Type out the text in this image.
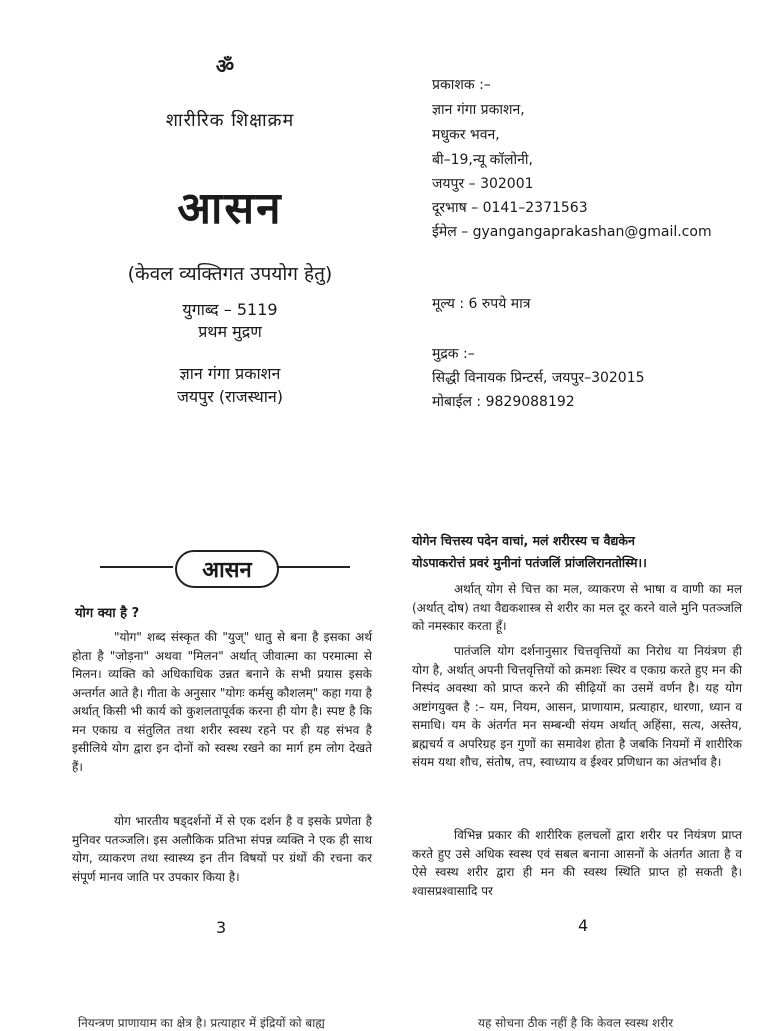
ॐ
शारीरिक शिक्षाक्रम
आसन
(केवल व्यक्तिगत उपयोग हेतु)
युगाब्द – 5119
प्रथम मुद्रण
ज्ञान गंगा प्रकाशन
जयपुर (राजस्थान)
प्रकाशक :–
ज्ञान गंगा प्रकाशन,
मधुकर भवन,
बी–19,न्यू कॉलोनी,
जयपुर – 302001
दूरभाष – 0141–2371563
ईमेल – gyangangaprakashan@gmail.com
मूल्य : 6 रुपये मात्र
मुद्रक :–
सिद्धी विनायक प्रिन्टर्स, जयपुर–302015
मोबाईल : 9829088192
आसन
योग क्या है ?
"योग" शब्द संस्कृत की "युज्" धातु से बना है इसका अर्थ होता है "जोड़ना" अथवा "मिलन" अर्थात् जीवात्मा का परमात्मा से मिलन। व्यक्ति को अधिकाधिक उन्नत बनाने के सभी प्रयास इसके अन्तर्गत आते है। गीता के अनुसार "योगः कर्मसु कौशलम्" कहा गया है अर्थात् किसी भी कार्य को कुशलतापूर्वक करना ही योग है। स्पष्ट है कि मन एकाग्र व संतुलित तथा शरीर स्वस्थ रहने पर ही यह संभव है इसीलिये योग द्वारा इन दोनों को स्वस्थ रखने का मार्ग हम लोग देखते हैं।
योग भारतीय षड्दर्शनों में से एक दर्शन है व इसके प्रणेता है मुनिवर पतञ्जलि। इस अलौकिक प्रतिभा संपन्न व्यक्ति ने एक ही साथ योग, व्याकरण तथा स्वास्थ्य इन तीन विषयों पर ग्रंथों की रचना कर संपूर्ण मानव जाति पर उपकार किया है।
3
नियन्त्रण प्राणायाम का क्षेत्र है। प्रत्याहार में इंद्रियों को बाह्य
योगेन चित्तस्य पदेन वाचां, मलं शरीरस्य च वैद्यकेन
योऽपाकरोत्तं प्रवरं मुनीनां पतंजलिं प्रांजलिरानतोस्मि।।
अर्थात् योग से चित्त का मल, व्याकरण से भाषा व वाणी का मल (अर्थात् दोष) तथा वैद्यकशास्त्र से शरीर का मल दूर करने वाले मुनि पतञ्जलि को नमस्कार करता हूँ।
पातंजलि योग दर्शनानुसार चित्तवृत्तियों का निरोध या नियंत्रण ही योग है, अर्थात् अपनी चित्तवृत्तियों को क्रमशः स्थिर व एकाग्र करते हुए मन की निस्पंद अवस्था को प्राप्त करने की सीढ़ियों का उसमें वर्णन है। यह योग अष्टांगयुक्त है :– यम, नियम, आसन, प्राणायाम, प्रत्याहार, धारणा, ध्यान व समाधि। यम के अंतर्गत मन सम्बन्धी संयम अर्थात् अहिंसा, सत्य, अस्तेय, ब्रह्मचर्य व अपरिग्रह इन गुणों का समावेश होता है जबकि नियमों में शारीरिक संयम यथा शौच, संतोष, तप, स्वाध्याय व ईश्वर प्रणिधान का अंतर्भाव है।
विभिन्न प्रकार की शारीरिक हलचलों द्वारा शरीर पर नियंत्रण प्राप्त करते हुए उसे अधिक स्वस्थ एवं सबल बनाना आसनों के अंतर्गत आता है व ऐसे स्वस्थ शरीर द्वारा ही मन की स्वस्थ स्थिति प्राप्त हो सकती है। श्वासप्रश्वासादि पर
4
यह सोचना ठीक नहीं है कि केवल स्वस्थ शरीर
